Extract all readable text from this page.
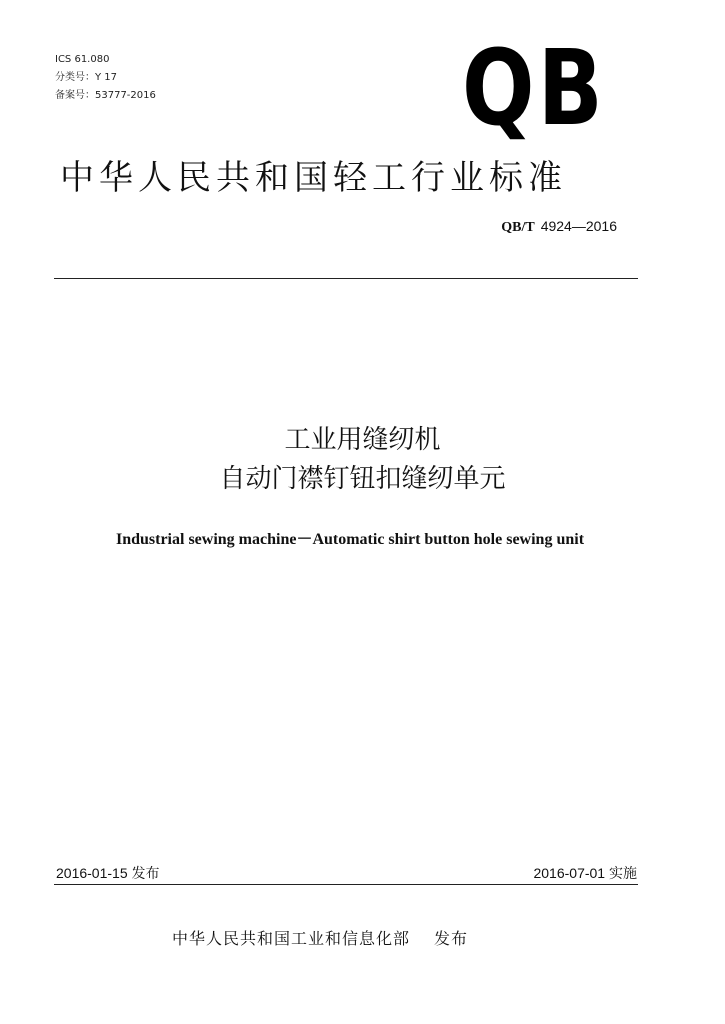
ICS 61.080
分类号：Y 17
备案号：53777-2016	QB
中华人民共和国轻工行业标准
QB/T 4924—2016
工业用缝纫机
自动门襟钉钮扣缝纫单元
Industrial sewing machine－Automatic shirt button hole sewing unit
2016-01-15 发布	2016-07-01 实施
中华人民共和国工业和信息化部 发布
